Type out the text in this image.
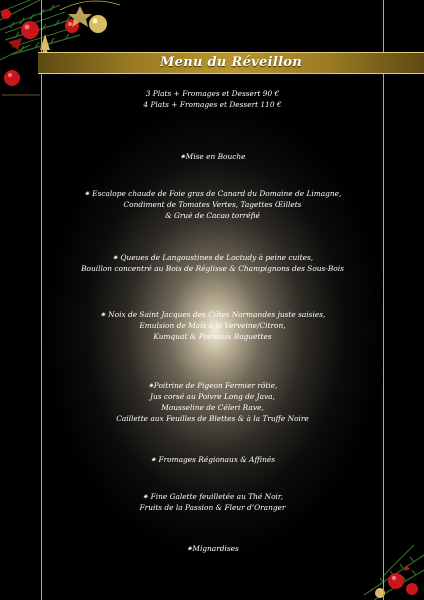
Menu du Réveillon
3 Plats + Fromages et Dessert 90 €
4 Plats + Fromages et Dessert 110 €
⁕Mise en Bouche
⁕ Escalope chaude de Foie gras de Canard du Domaine de Limagne,
Condiment de Tomates Vertes, Tagettes Œillets
& Grué de Cacao torréfié
⁕ Queues de Langoustines de Loctudy à peine cuites,
Bouillon concentré au Bois de Réglisse & Champignons des Sous-Bois
⁕ Noix de Saint Jacques des Côtes Normandes juste saisies,
Emulsion de Maïs à la Verveine/Citron,
Kumquat & Poireaux Baguettes
⁕Poitrine de Pigeon Fermier rôtie,
Jus corsé au Poivre Long de Java,
Mousseline de Céleri Rave,
Caillette aux Feuilles de Blettes & à la Truffe Noire
⁕ Fromages Régionaux & Affinés
⁕ Fine Galette feuilletée au Thé Noir,
Fruits de la Passion & Fleur d’Oranger
⁕Mignardises
